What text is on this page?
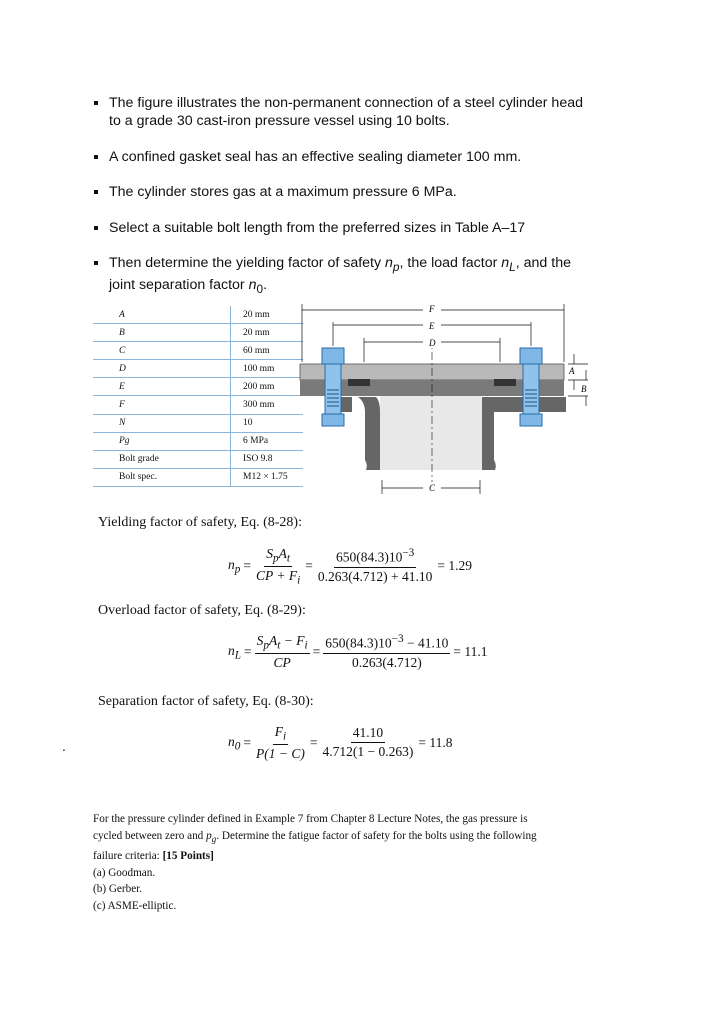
The figure illustrates the non-permanent connection of a steel cylinder head to a grade 30 cast-iron pressure vessel using 10 bolts.
A confined gasket seal has an effective sealing diameter 100 mm.
The cylinder stores gas at a maximum pressure 6 MPa.
Select a suitable bolt length from the preferred sizes in Table A–17
Then determine the yielding factor of safety $n_p$, the load factor $n_L$, and the joint separation factor $n_0$.
A	20 mm
B	20 mm
C	60 mm
D	100 mm
E	200 mm
F	300 mm
N	10
Pg	6 MPa
Bolt grade	ISO 9.8
Bolt spec.	M12 × 1.75
F
E
D
C
A
B
Yielding factor of safety, Eq. (8-28):
$n_p = \frac{S_pA_t}{CP + F_i} = \frac{650(84.3)10^{-3}}{0.263(4.712) + 41.10} = 1.29$
Overload factor of safety, Eq. (8-29):
$n_L = \frac{S_pA_t - F_i}{CP} = \frac{650(84.3)10^{-3} - 41.10}{0.263(4.712)} = 11.1$
Separation factor of safety, Eq. (8-30):
$n_0 = \frac{F_i}{P(1 - C)} = \frac{41.10}{4.712(1 - 0.263)} = 11.8$
.

For the pressure cylinder defined in Example 7 from Chapter 8 Lecture Notes, the gas pressure is cycled between zero and $p_g$. Determine the fatigue factor of safety for the bolts using the following failure criteria: [15 Points]

(a) Goodman.

(b) Gerber.

(c) ASME-elliptic.
